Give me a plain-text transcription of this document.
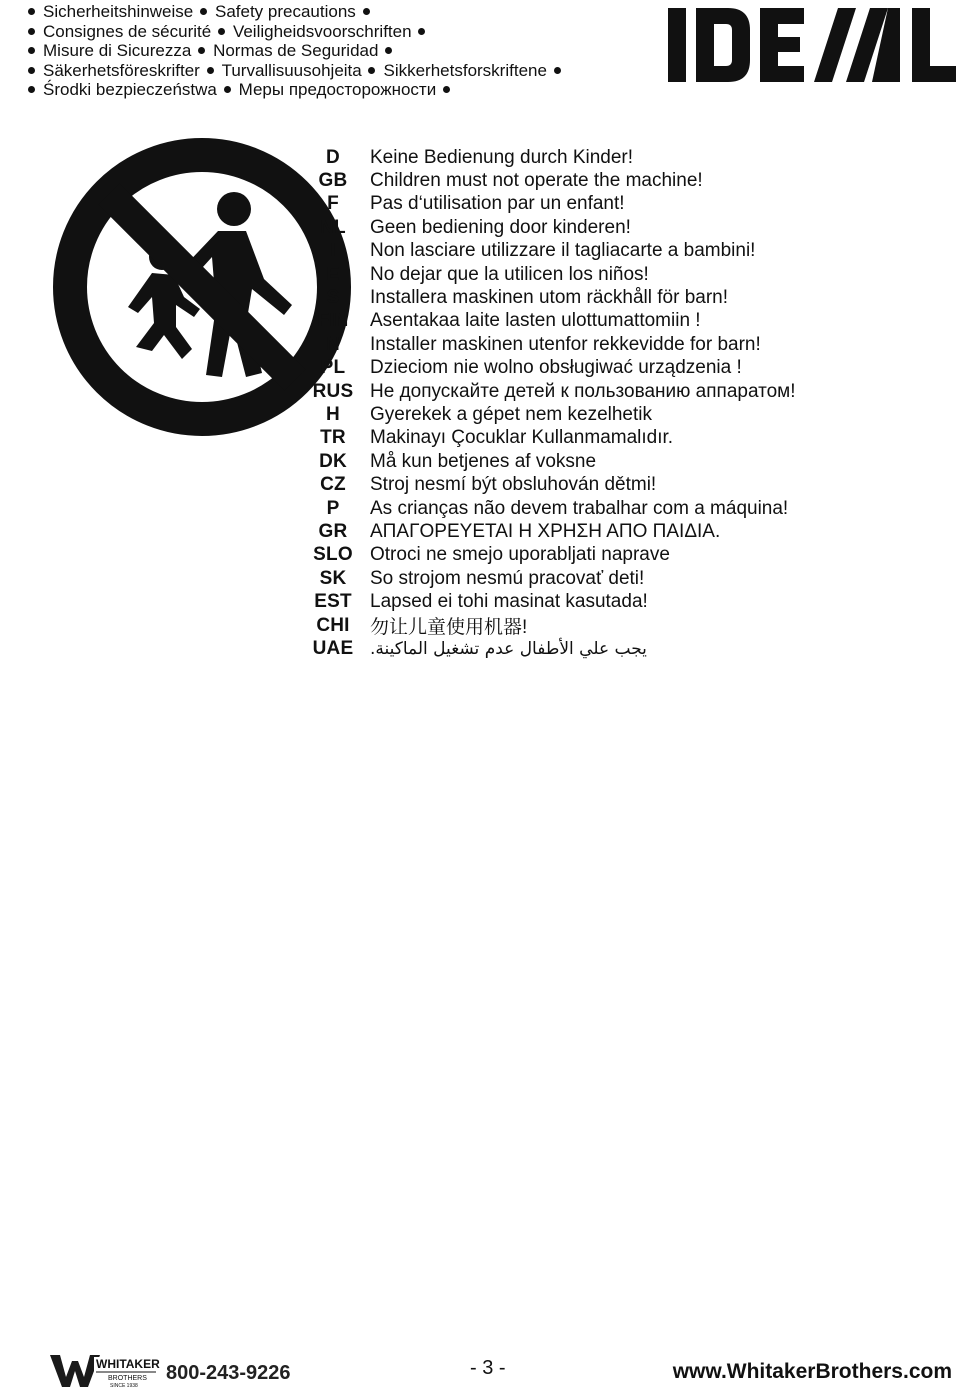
Sicherheitshinweise Safety precautions
Consignes de sécurité Veiligheidsvoorschriften
Misure di Sicurezza Normas de Seguridad
Säkerhetsföreskrifter Turvallisuusohjeita Sikkerhetsforskriftene
Środki bezpieczeństwa Меры предосторожности
D	Keine Bedienung durch Kinder!
GB	Children must not operate the machine!
F	Pas d‘utilisation par un enfant!
NL	Geen bediening door kinderen!
I	Non lasciare utilizzare il tagliacarte a bambini!
E	No dejar que la utilicen los niños!
S	Installera maskinen utom räckhåll för barn!
FIN	Asentakaa laite lasten ulottumattomiin !
N	Installer maskinen utenfor rekkevidde for barn!
PL	Dzieciom nie wolno obsługiwać urządzenia !
RUS Не допускайте детей к пользованию аппаратом!
H	Gyerekek a gépet nem kezelhetik
TR	Makinayı Çocuklar Kullanmamalıdır.
DK	Må kun betjenes af voksne
CZ	Stroj nesmí být obsluhován dětmi!
P	As crianças não devem trabalhar com a máquina!
GR	ΑΠΑΓΟΡΕΥΕΤΑΙ Η ΧΡΗΣΗ ΑΠΟ ΠΑΙΔΙΑ.
SLO Otroci ne smejo uporabljati naprave
SK	So strojom nesmú pracovať deti!
EST Lapsed ei tohi masinat kasutada!
CHI	勿让儿童使用机器!
UAE يجب علي الأطفال عدم تشغيل الماكينة.
WHITAKER
BROTHERS
SINCE 1938
800-243-9226	- 3 -	www.WhitakerBrothers.com
